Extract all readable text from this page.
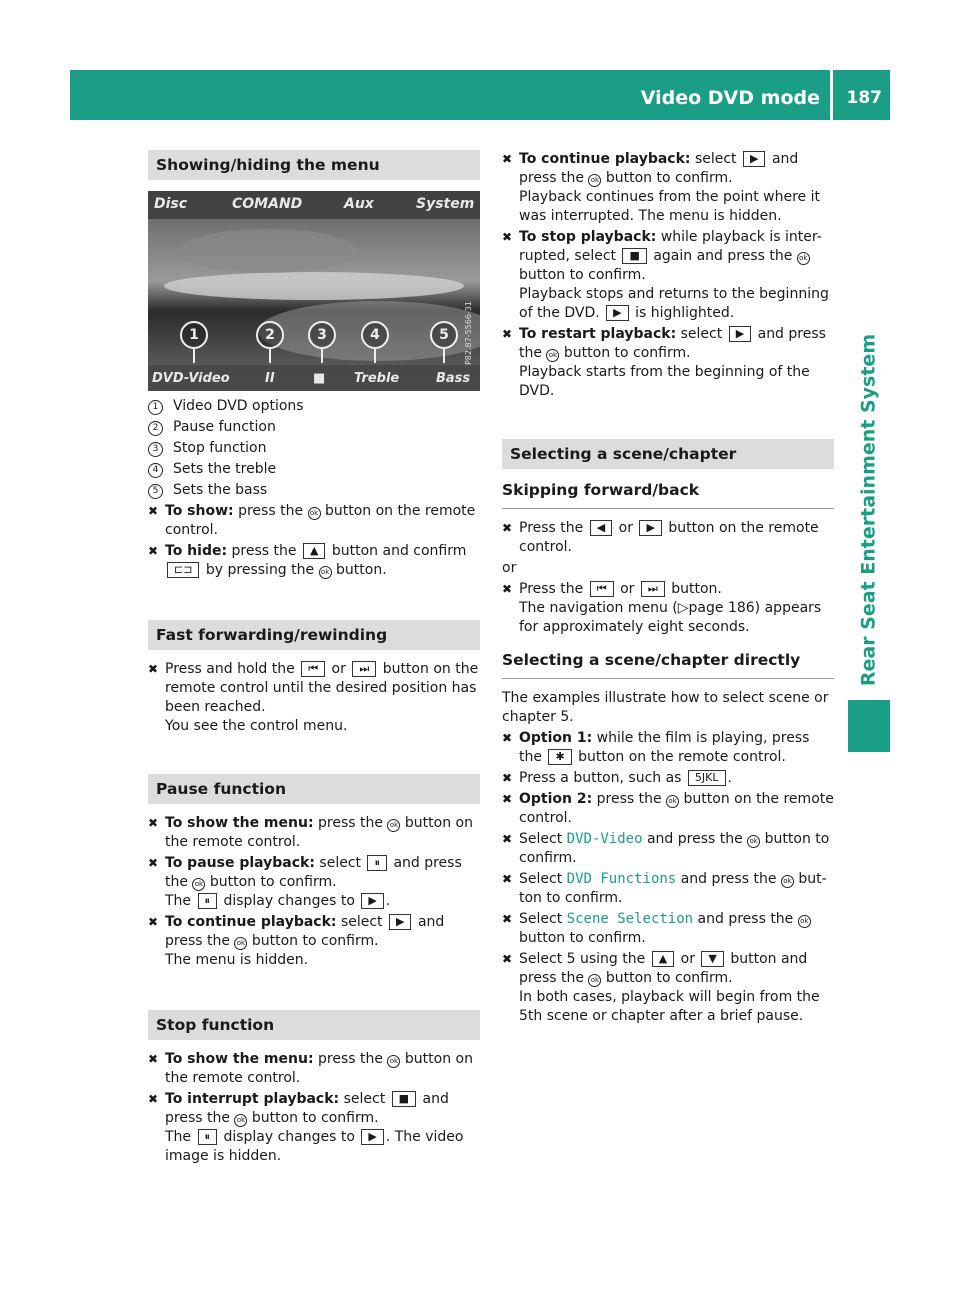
Video DVD mode 187
Rear Seat Entertainment System
Showing/hiding the menu
Disc	COMAND	Aux	System
1	2	3	4	5
DVD-Video	II	■ Treble	Bass
P82.87-5566-31
1 Video DVD options
2 Pause function
3 Stop function
4 Sets the treble
5 Sets the bass
✖ To show: press the ok button on the remote control.
✖ To hide: press the ▲ button and confirm ⊏⊐ by pressing the ok button.
Fast forwarding/rewinding
✖ Press and hold the ⏮ or ⏭ button on the remote control until the desired position has been reached.
You see the control menu.
Pause function
✖ To show the menu: press the ok button on the remote control.
✖ To pause playback: select ⏸ and press the ok button to confirm.
The ⏸ display changes to ▶ .
✖ To continue playback: select ▶ and press the ok button to confirm.
The menu is hidden.
Stop function
✖ To show the menu: press the ok button on the remote control.
✖ To interrupt playback: select ■ and press the ok button to confirm.
The ⏸ display changes to ▶ . The video image is hidden.
✖ To continue playback: select ▶ and press the ok button to confirm.
Playback continues from the point where it was interrupted. The menu is hidden.
✖ To stop playback: while playback is inter-rupted, select ■ again and press the ok button to confirm.
Playback stops and returns to the beginning of the DVD. ▶ is highlighted.
✖ To restart playback: select ▶ and press the ok button to confirm.
Playback starts from the beginning of the DVD.
Selecting a scene/chapter
Skipping forward/back
✖ Press the ◀ or ▶ button on the remote control.
or
✖ Press the ⏮ or ⏭ button.
The navigation menu (▷page 186) appears for approximately eight seconds.
Selecting a scene/chapter directly
The examples illustrate how to select scene or chapter 5.
✖ Option 1: while the film is playing, press the ✱ button on the remote control.
✖ Press a button, such as 5JKL .
✖ Option 2: press the ok button on the remote control.
✖ Select DVD-Video and press the ok button to confirm.
✖ Select DVD Functions and press the ok but-ton to confirm.
✖ Select Scene Selection and press the ok button to confirm.
✖ Select 5 using the ▲ or ▼ button and press the ok button to confirm.
In both cases, playback will begin from the 5th scene or chapter after a brief pause.
